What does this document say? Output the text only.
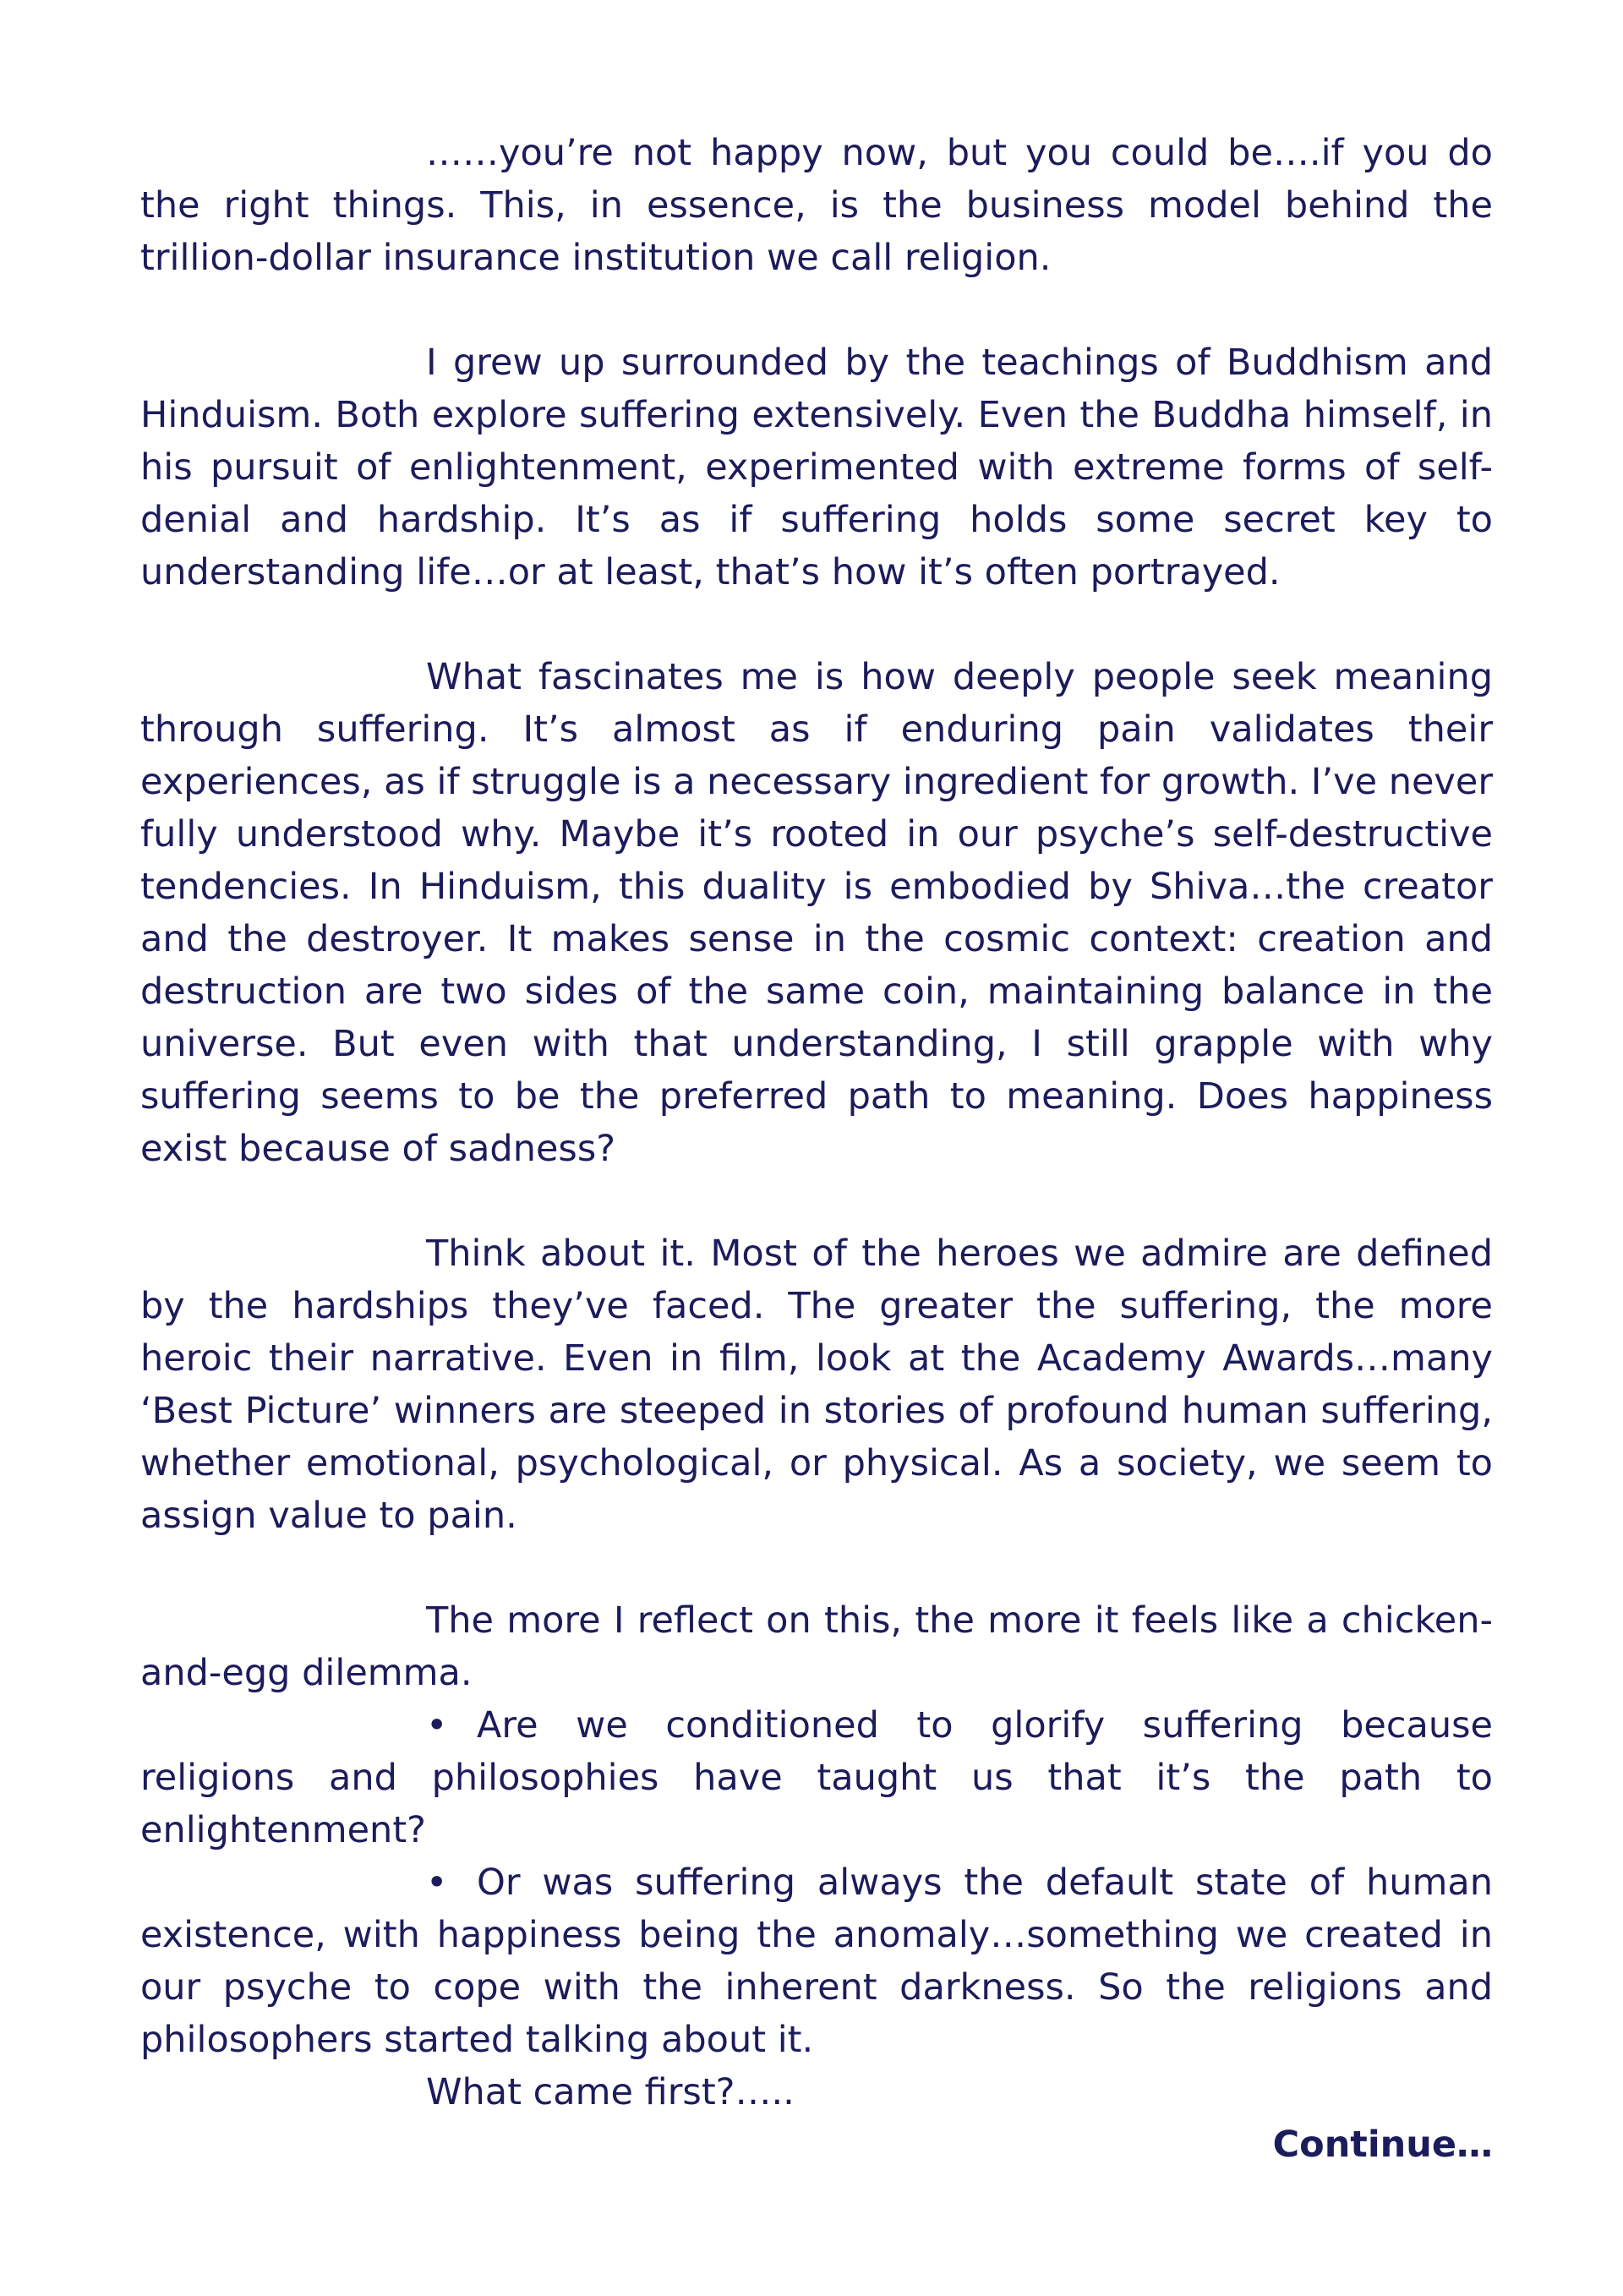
……you’re not happy now, but you could be….if you do the right things. This, in essence, is the business model behind the trillion-dollar insurance institution we call religion.

I grew up surrounded by the teachings of Buddhism and Hinduism. Both explore suffering extensively. Even the Buddha himself, in his pursuit of enlightenment, experimented with extreme forms of self-denial and hardship. It’s as if suffering holds some secret key to understanding life…or at least, that’s how it’s often portrayed.

What fascinates me is how deeply people seek meaning through suffering. It’s almost as if enduring pain validates their experiences, as if struggle is a necessary ingredient for growth. I’ve never fully understood why. Maybe it’s rooted in our psyche’s self-destructive tendencies. In Hinduism, this duality is embodied by Shiva…the creator and the destroyer. It makes sense in the cosmic context: creation and destruction are two sides of the same coin, maintaining balance in the universe. But even with that understanding, I still grapple with why suffering seems to be the preferred path to meaning. Does happiness exist because of sadness?

Think about it. Most of the heroes we admire are defined by the hardships they’ve faced. The greater the suffering, the more heroic their narrative. Even in film, look at the Academy Awards…many ‘Best Picture’ winners are steeped in stories of profound human suffering, whether emotional, psychological, or physical. As a society, we seem to assign value to pain.

The more I reflect on this, the more it feels like a chicken-and-egg dilemma.

• Are we conditioned to glorify suffering because religions and philosophies have taught us that it’s the path to enlightenment?

• Or was suffering always the default state of human existence, with happiness being the anomaly…something we created in our psyche to cope with the inherent darkness. So the religions and philosophers started talking about it.

What came first?…..

Continue…
